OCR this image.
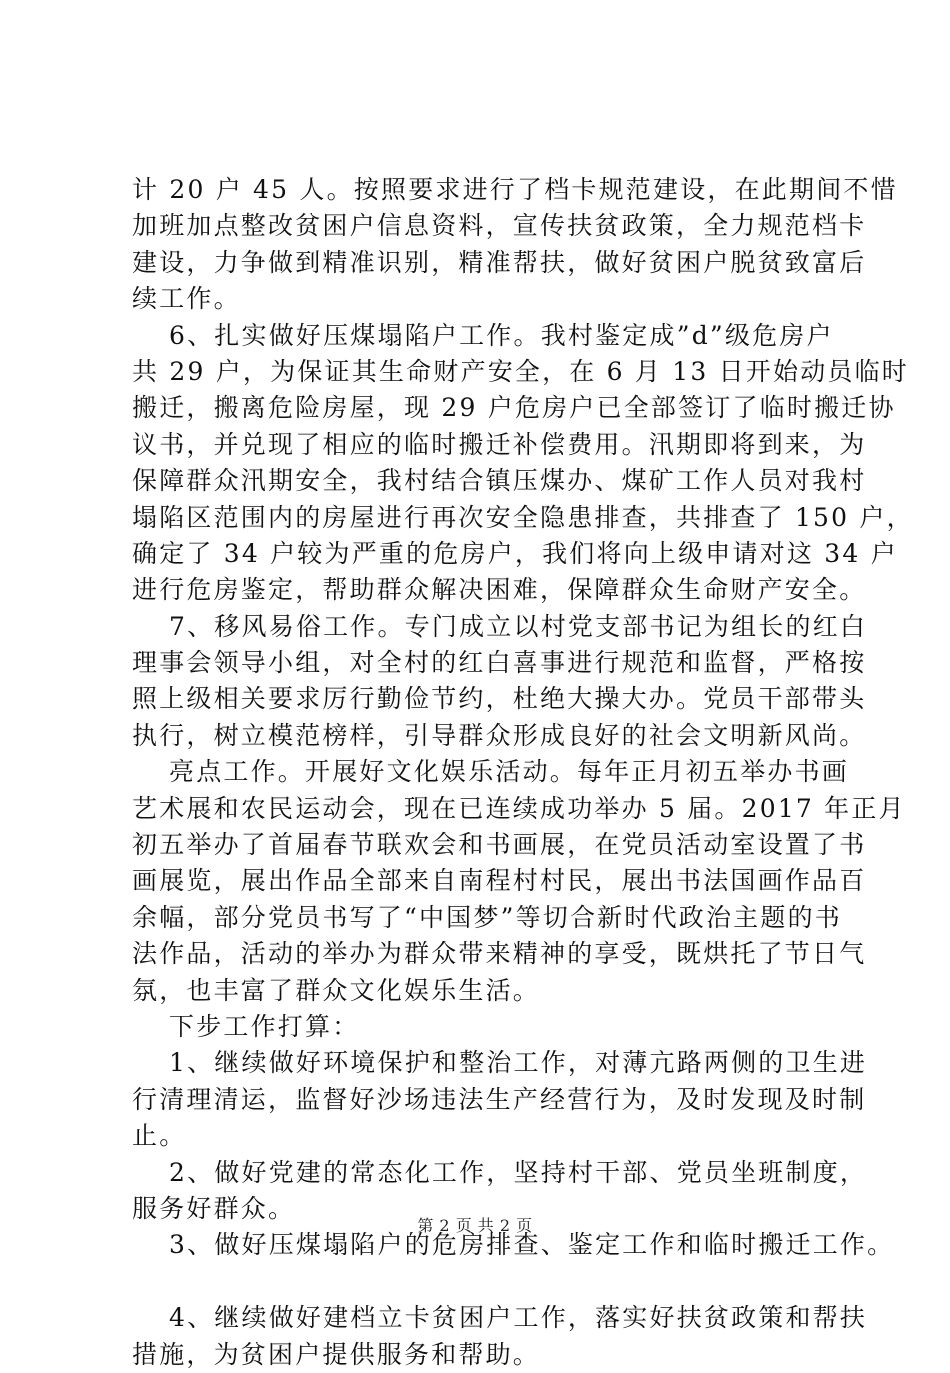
计 20 户 45 人。按照要求进行了档卡规范建设，在此期间不惜
加班加点整改贫困户信息资料，宣传扶贫政策，全力规范档卡
建设，力争做到精准识别，精准帮扶，做好贫困户脱贫致富后
续工作。
6、扎实做好压煤塌陷户工作。我村鉴定成”d”级危房户
共 29 户，为保证其生命财产安全，在 6 月 13 日开始动员临时
搬迁，搬离危险房屋，现 29 户危房户已全部签订了临时搬迁协
议书，并兑现了相应的临时搬迁补偿费用。汛期即将到来，为
保障群众汛期安全，我村结合镇压煤办、煤矿工作人员对我村
塌陷区范围内的房屋进行再次安全隐患排查，共排查了 150 户，
确定了 34 户较为严重的危房户，我们将向上级申请对这 34 户
进行危房鉴定，帮助群众解决困难，保障群众生命财产安全。
7、移风易俗工作。专门成立以村党支部书记为组长的红白
理事会领导小组，对全村的红白喜事进行规范和监督，严格按
照上级相关要求厉行勤俭节约，杜绝大操大办。党员干部带头
执行，树立模范榜样，引导群众形成良好的社会文明新风尚。
亮点工作。开展好文化娱乐活动。每年正月初五举办书画
艺术展和农民运动会，现在已连续成功举办 5 届。2017 年正月
初五举办了首届春节联欢会和书画展，在党员活动室设置了书
画展览，展出作品全部来自南程村村民，展出书法国画作品百
余幅，部分党员书写了“中国梦”等切合新时代政治主题的书
法作品，活动的举办为群众带来精神的享受，既烘托了节日气
氛，也丰富了群众文化娱乐生活。
下步工作打算：
1、继续做好环境保护和整治工作，对薄亢路两侧的卫生进
行清理清运，监督好沙场违法生产经营行为，及时发现及时制
止。
2、做好党建的常态化工作，坚持村干部、党员坐班制度，
服务好群众。
3、做好压煤塌陷户的危房排查、鉴定工作和临时搬迁工作。
4、继续做好建档立卡贫困户工作，落实好扶贫政策和帮扶
措施，为贫困户提供服务和帮助。
第 2 页 共 2 页
